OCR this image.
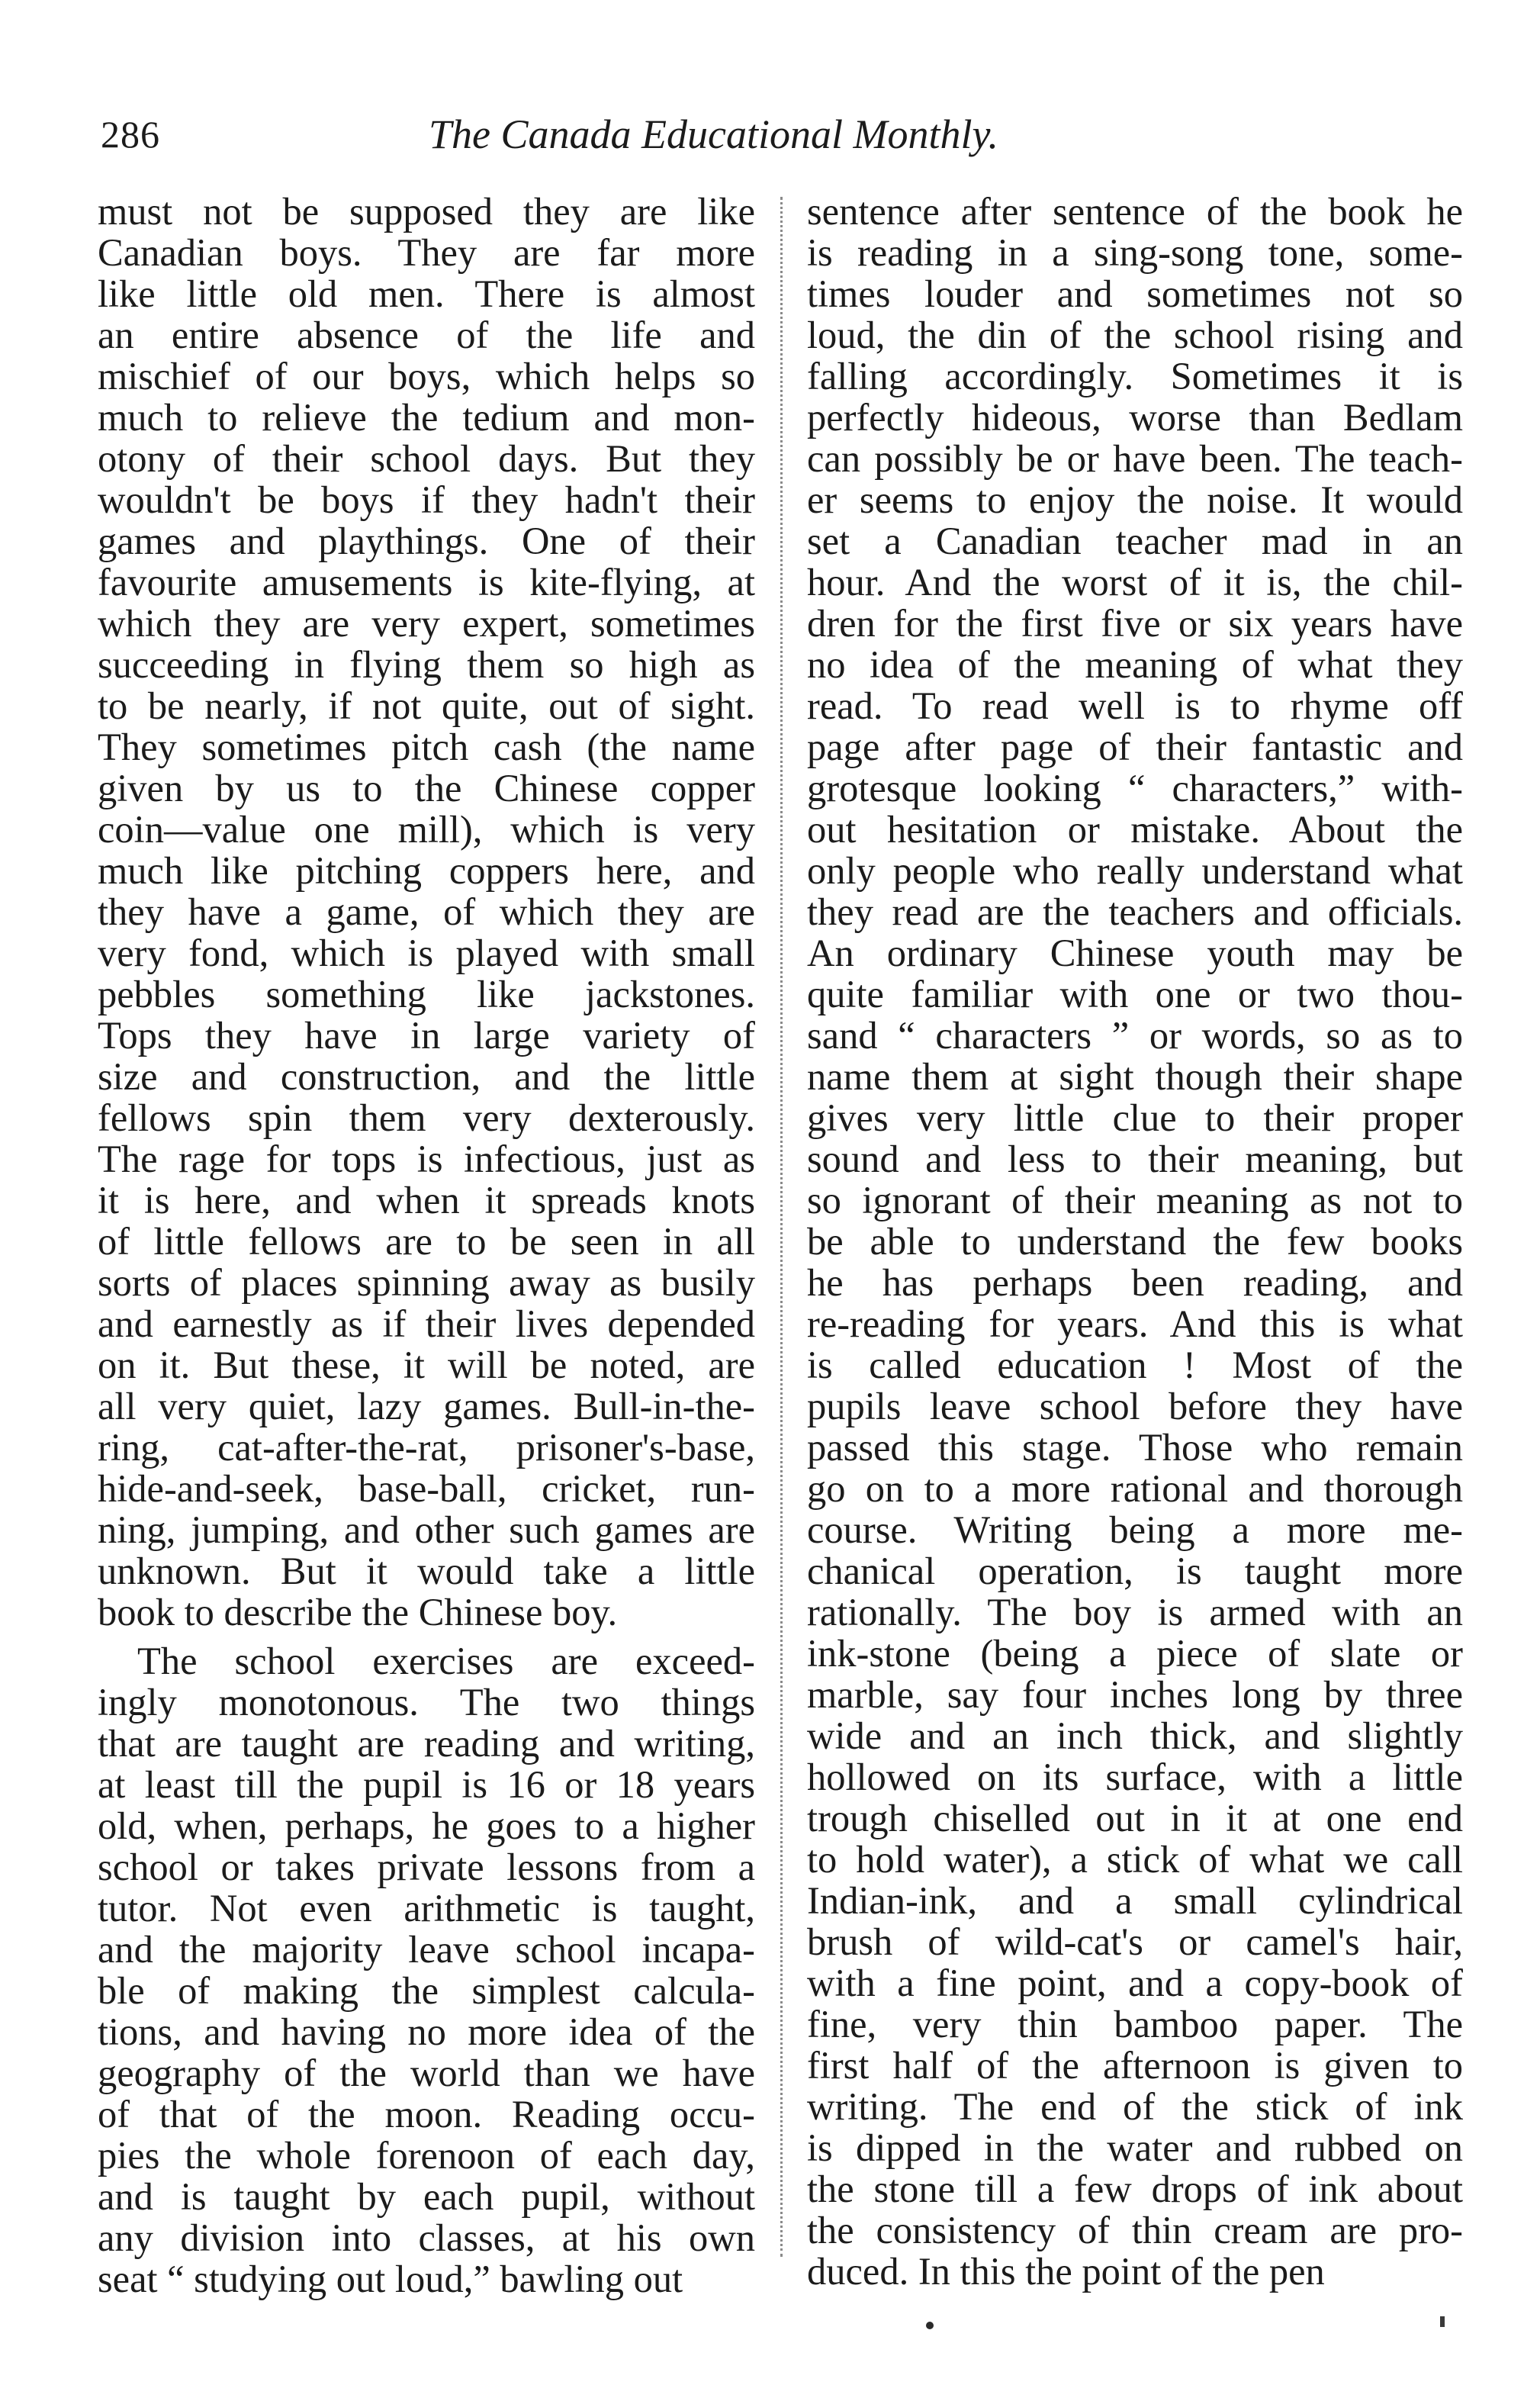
286	The Canada Educational Monthly.
must not be supposed they are like
Canadian boys. They are far more
like little old men. There is almost
an entire absence of the life and
mischief of our boys, which helps so
much to relieve the tedium and mon-
otony of their school days. But they
wouldn't be boys if they hadn't their
games and playthings. One of their
favourite amusements is kite-flying, at
which they are very expert, sometimes
succeeding in flying them so high as
to be nearly, if not quite, out of sight.
They sometimes pitch cash (the name
given by us to the Chinese copper
coin—value one mill), which is very
much like pitching coppers here, and
they have a game, of which they are
very fond, which is played with small
pebbles something like jackstones.
Tops they have in large variety of
size and construction, and the little
fellows spin them very dexterously.
The rage for tops is infectious, just as
it is here, and when it spreads knots
of little fellows are to be seen in all
sorts of places spinning away as busily
and earnestly as if their lives depended
on it. But these, it will be noted, are
all very quiet, lazy games. Bull-in-the-
ring, cat-after-the-rat, prisoner's-base,
hide-and-seek, base-ball, cricket, run-
ning, jumping, and other such games are
unknown. But it would take a little
book to describe the Chinese boy.
The school exercises are exceed-
ingly monotonous. The two things
that are taught are reading and writing,
at least till the pupil is 16 or 18 years
old, when, perhaps, he goes to a higher
school or takes private lessons from a
tutor. Not even arithmetic is taught,
and the majority leave school incapa-
ble of making the simplest calcula-
tions, and having no more idea of the
geography of the world than we have
of that of the moon. Reading occu-
pies the whole forenoon of each day,
and is taught by each pupil, without
any division into classes, at his own
seat “ studying out loud,” bawling out
sentence after sentence of the book he
is reading in a sing-song tone, some-
times louder and sometimes not so
loud, the din of the school rising and
falling accordingly. Sometimes it is
perfectly hideous, worse than Bedlam
can possibly be or have been. The teach-
er seems to enjoy the noise. It would
set a Canadian teacher mad in an
hour. And the worst of it is, the chil-
dren for the first five or six years have
no idea of the meaning of what they
read. To read well is to rhyme off
page after page of their fantastic and
grotesque looking “ characters,” with-
out hesitation or mistake. About the
only people who really understand what
they read are the teachers and officials.
An ordinary Chinese youth may be
quite familiar with one or two thou-
sand “ characters ” or words, so as to
name them at sight though their shape
gives very little clue to their proper
sound and less to their meaning, but
so ignorant of their meaning as not to
be able to understand the few books
he has perhaps been reading, and
re-reading for years. And this is what
is called education ! Most of the
pupils leave school before they have
passed this stage. Those who remain
go on to a more rational and thorough
course. Writing being a more me-
chanical operation, is taught more
rationally. The boy is armed with an
ink-stone (being a piece of slate or
marble, say four inches long by three
wide and an inch thick, and slightly
hollowed on its surface, with a little
trough chiselled out in it at one end
to hold water), a stick of what we call
Indian-ink, and a small cylindrical
brush of wild-cat's or camel's hair,
with a fine point, and a copy-book of
fine, very thin bamboo paper. The
first half of the afternoon is given to
writing. The end of the stick of ink
is dipped in the water and rubbed on
the stone till a few drops of ink about
the consistency of thin cream are pro-
duced. In this the point of the pen
